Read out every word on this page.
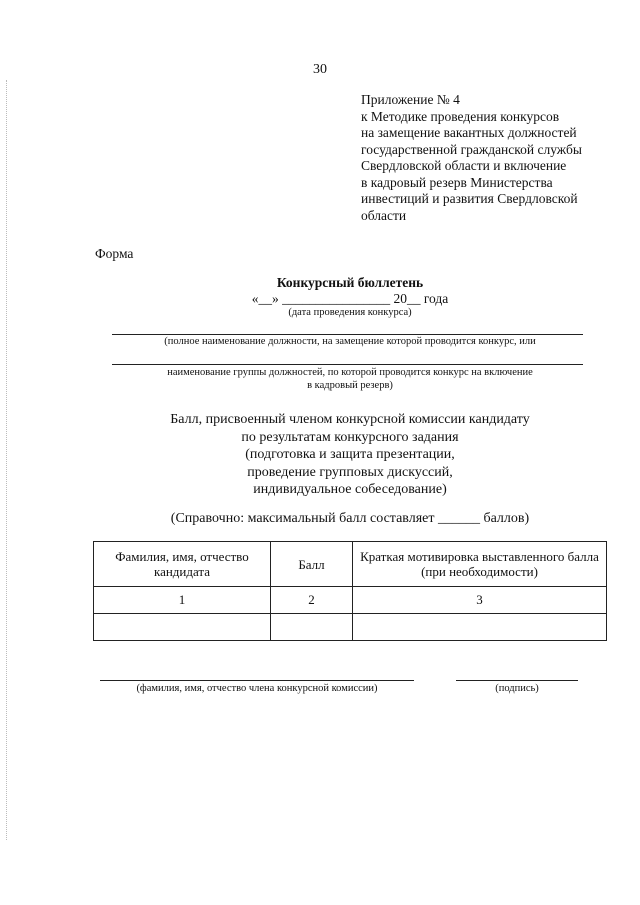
30
Приложение № 4
к Методике проведения конкурсов
на замещение вакантных должностей
государственной гражданской службы
Свердловской области и включение
в кадровый резерв Министерства
инвестиций и развития Свердловской
области
Форма
Конкурсный бюллетень
«__» ________________ 20__ года
(дата проведения конкурса)
(полное наименование должности, на замещение которой проводится конкурс, или
наименование группы должностей, по которой проводится конкурс на включение
в кадровый резерв)
Балл, присвоенный членом конкурсной комиссии кандидату
по результатам конкурсного задания
(подготовка и защита презентации,
проведение групповых дискуссий,
индивидуальное собеседование)
(Справочно: максимальный балл составляет ______ баллов)
Фамилия, имя, отчество кандидата	Балл	Краткая мотивировка выставленного балла (при необходимости)
1	2	3

(фамилия, имя, отчество члена конкурсной комиссии)	(подпись)
